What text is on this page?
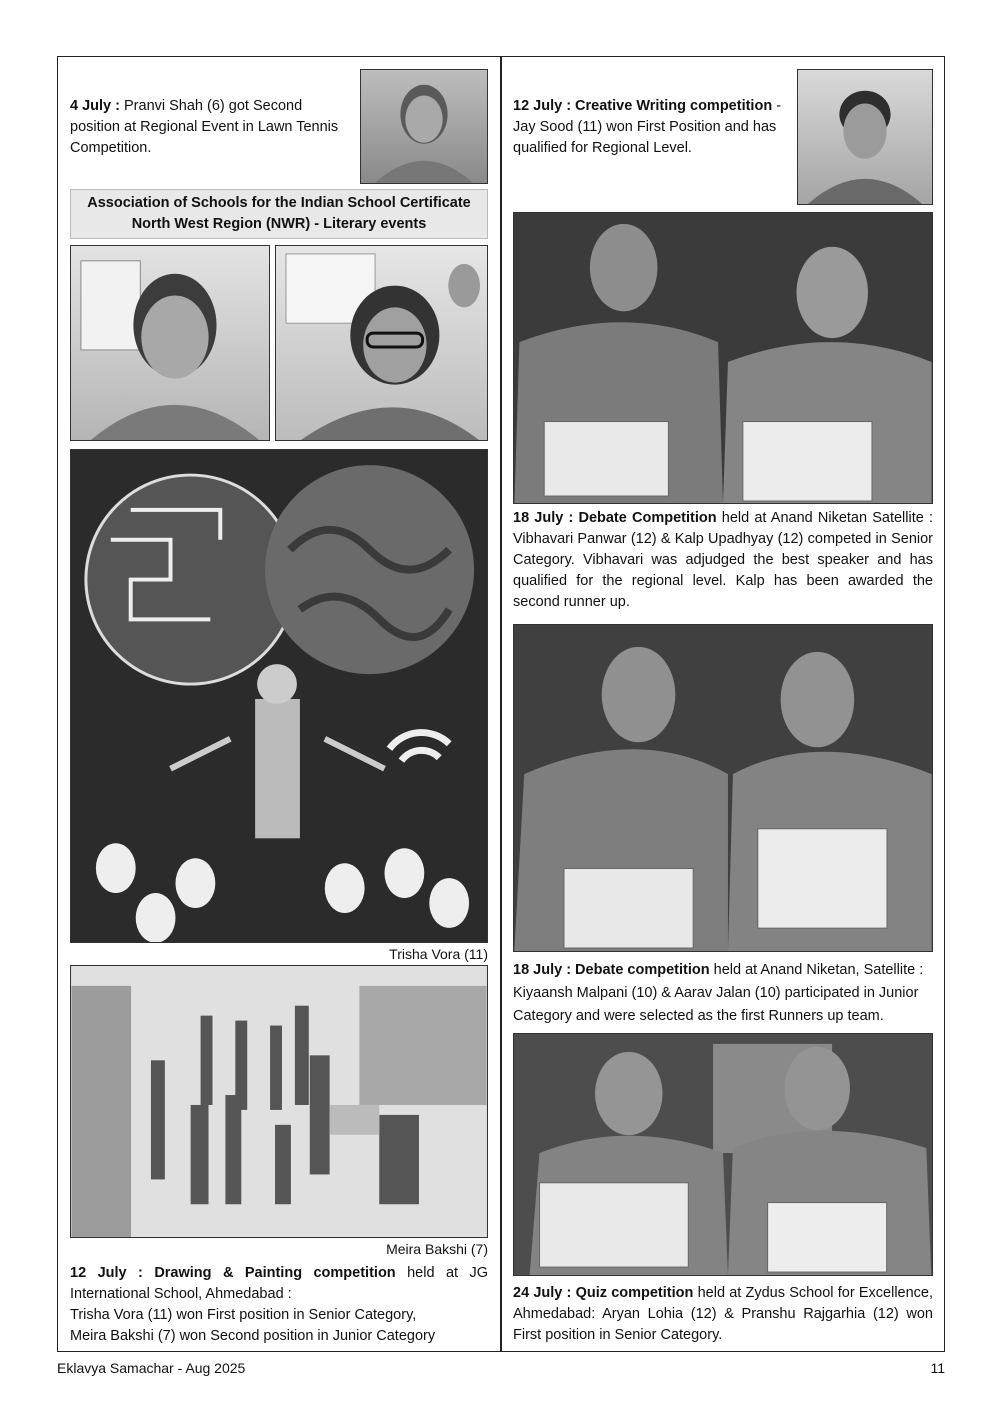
4 July : Pranvi Shah (6) got Second position at Regional Event in Lawn Tennis Competition.
Association of Schools for the Indian School Certificate
North West Region (NWR) - Literary events
Trisha Vora (11)
Meira Bakshi (7)
12 July : Drawing & Painting competition held at JG International School, Ahmedabad :
Trisha Vora (11) won First position in Senior Category,
Meira Bakshi (7) won Second position in Junior Category
12 July : Creative Writing competition - Jay Sood (11) won First Position and has qualified for Regional Level.
18 July : Debate Competition held at Anand Niketan Satellite : Vibhavari Panwar (12) & Kalp Upadhyay (12) competed in Senior Category. Vibhavari was adjudged the best speaker and has qualified for the regional level. Kalp has been awarded the second runner up.
18 July : Debate competition held at Anand Niketan, Satellite : Kiyaansh Malpani (10) & Aarav Jalan (10) participated in Junior Category and were selected as the first Runners up team.
24 July : Quiz competition held at Zydus School for Excellence, Ahmedabad: Aryan Lohia (12) & Pranshu Rajgarhia (12) won First position in Senior Category.
Eklavya Samachar - Aug 2025	11
